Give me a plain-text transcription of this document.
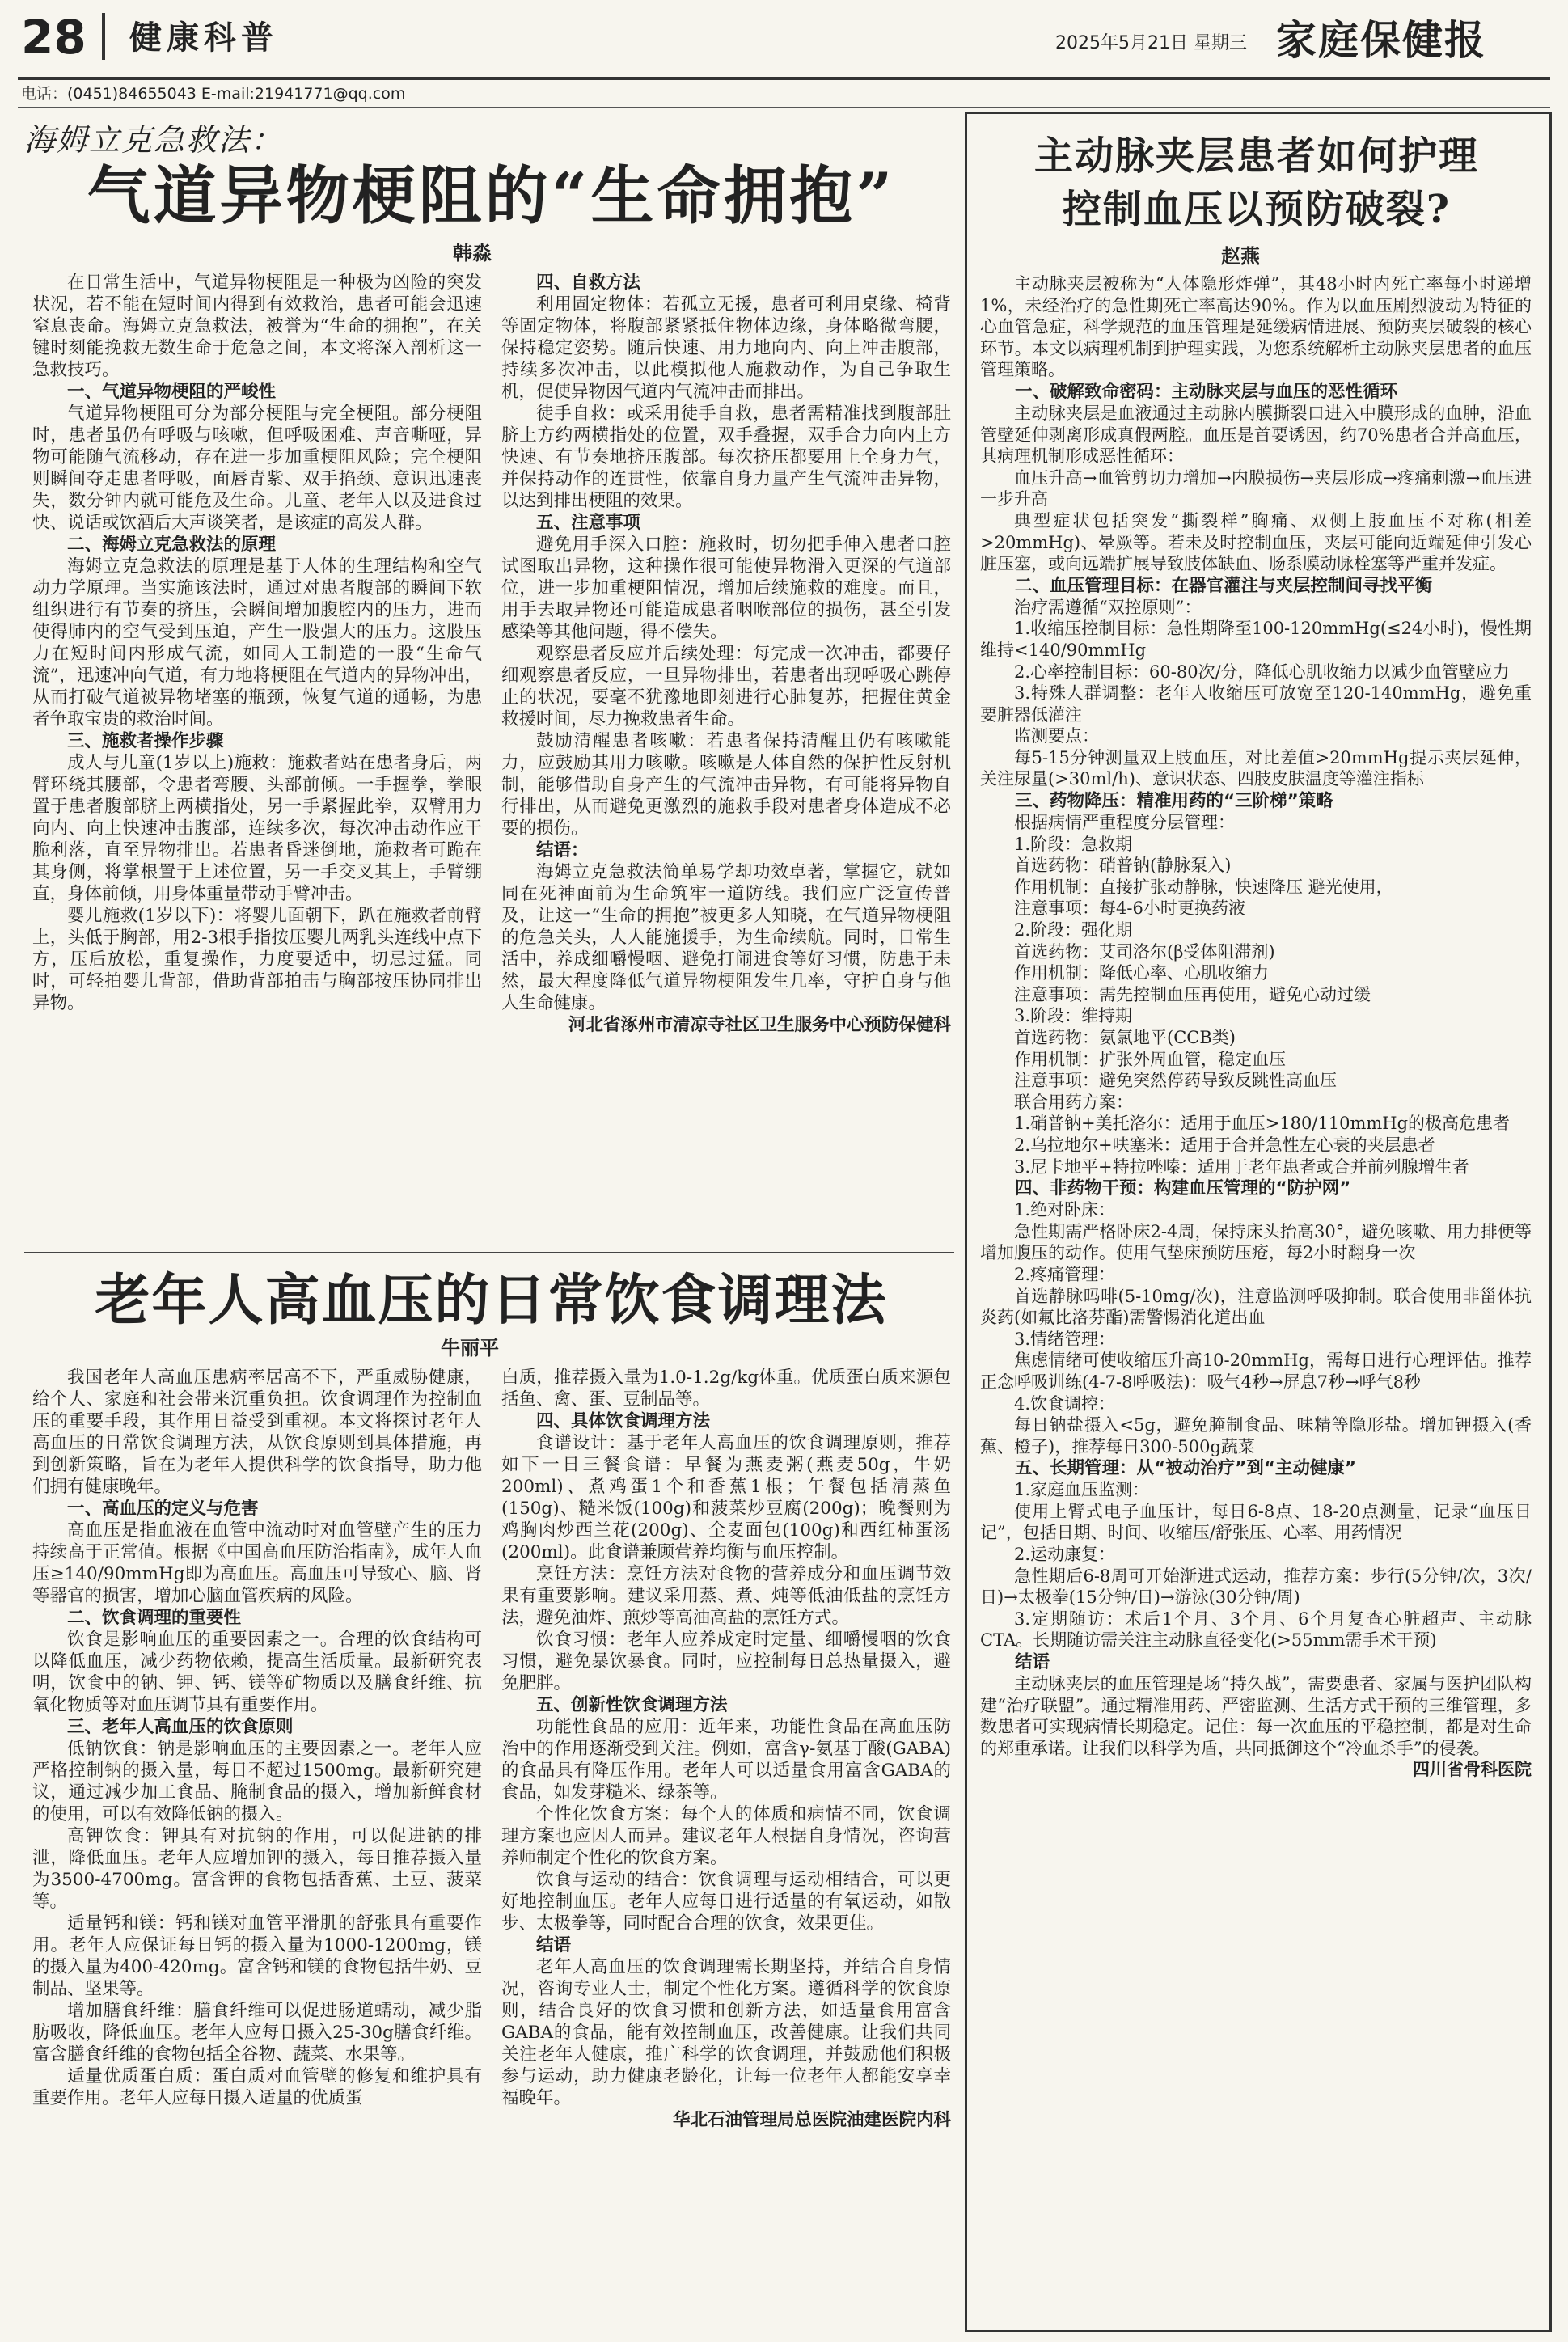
28 健康科普	2025年5月21日 星期三 家庭保健报
电话：(0451)84655043 E-mail:21941771@qq.com
海姆立克急救法：
气道异物梗阻的“生命拥抱”
韩淼

在日常生活中，气道异物梗阻是一种极为凶险的突发状况，若不能在短时间内得到有效救治，患者可能会迅速窒息丧命。海姆立克急救法，被誉为“生命的拥抱”，在关键时刻能挽救无数生命于危急之间，本文将深入剖析这一急救技巧。

一、气道异物梗阻的严峻性

气道异物梗阻可分为部分梗阻与完全梗阻。部分梗阻时，患者虽仍有呼吸与咳嗽，但呼吸困难、声音嘶哑，异物可能随气流移动，存在进一步加重梗阻风险；完全梗阻则瞬间夺走患者呼吸，面唇青紫、双手掐颈、意识迅速丧失，数分钟内就可能危及生命。儿童、老年人以及进食过快、说话或饮酒后大声谈笑者，是该症的高发人群。

二、海姆立克急救法的原理

海姆立克急救法的原理是基于人体的生理结构和空气动力学原理。当实施该法时，通过对患者腹部的瞬间下软组织进行有节奏的挤压，会瞬间增加腹腔内的压力，进而使得肺内的空气受到压迫，产生一股强大的压力。这股压力在短时间内形成气流，如同人工制造的一股“生命气流”，迅速冲向气道，有力地将梗阻在气道内的异物冲出，从而打破气道被异物堵塞的瓶颈，恢复气道的通畅，为患者争取宝贵的救治时间。

三、施救者操作步骤

成人与儿童(1岁以上)施救：施救者站在患者身后，两臂环绕其腰部，令患者弯腰、头部前倾。一手握拳，拳眼置于患者腹部脐上两横指处，另一手紧握此拳，双臂用力向内、向上快速冲击腹部，连续多次，每次冲击动作应干脆利落，直至异物排出。若患者昏迷倒地，施救者可跪在其身侧，将掌根置于上述位置，另一手交叉其上，手臂绷直，身体前倾，用身体重量带动手臂冲击。

婴儿施救(1岁以下)：将婴儿面朝下，趴在施救者前臂上，头低于胸部，用2-3根手指按压婴儿两乳头连线中点下方，压后放松，重复操作，力度要适中，切忌过猛。同时，可轻拍婴儿背部，借助背部拍击与胸部按压协同排出异物。

四、自救方法

利用固定物体：若孤立无援，患者可利用桌缘、椅背等固定物体，将腹部紧紧抵住物体边缘，身体略微弯腰，保持稳定姿势。随后快速、用力地向内、向上冲击腹部，持续多次冲击，以此模拟他人施救动作，为自己争取生机，促使异物因气道内气流冲击而排出。

徒手自救：或采用徒手自救，患者需精准找到腹部肚脐上方约两横指处的位置，双手叠握，双手合力向内上方快速、有节奏地挤压腹部。每次挤压都要用上全身力气，并保持动作的连贯性，依靠自身力量产生气流冲击异物，以达到排出梗阻的效果。

五、注意事项

避免用手深入口腔：施救时，切勿把手伸入患者口腔试图取出异物，这种操作很可能使异物滑入更深的气道部位，进一步加重梗阻情况，增加后续施救的难度。而且，用手去取异物还可能造成患者咽喉部位的损伤，甚至引发感染等其他问题，得不偿失。

观察患者反应并后续处理：每完成一次冲击，都要仔细观察患者反应，一旦异物排出，若患者出现呼吸心跳停止的状况，要毫不犹豫地即刻进行心肺复苏，把握住黄金救援时间，尽力挽救患者生命。

鼓励清醒患者咳嗽：若患者保持清醒且仍有咳嗽能力，应鼓励其用力咳嗽。咳嗽是人体自然的保护性反射机制，能够借助自身产生的气流冲击异物，有可能将异物自行排出，从而避免更激烈的施救手段对患者身体造成不必要的损伤。

结语：

海姆立克急救法简单易学却功效卓著，掌握它，就如同在死神面前为生命筑牢一道防线。我们应广泛宣传普及，让这一“生命的拥抱”被更多人知晓，在气道异物梗阻的危急关头，人人能施援手，为生命续航。同时，日常生活中，养成细嚼慢咽、避免打闹进食等好习惯，防患于未然，最大程度降低气道异物梗阻发生几率，守护自身与他人生命健康。

河北省涿州市清凉寺社区卫生服务中心预防保健科

老年人高血压的日常饮食调理法
牛丽平

我国老年人高血压患病率居高不下，严重威胁健康，给个人、家庭和社会带来沉重负担。饮食调理作为控制血压的重要手段，其作用日益受到重视。本文将探讨老年人高血压的日常饮食调理方法，从饮食原则到具体措施，再到创新策略，旨在为老年人提供科学的饮食指导，助力他们拥有健康晚年。

一、高血压的定义与危害

高血压是指血液在血管中流动时对血管壁产生的压力持续高于正常值。根据《中国高血压防治指南》，成年人血压≥140/90mmHg即为高血压。高血压可导致心、脑、肾等器官的损害，增加心脑血管疾病的风险。

二、饮食调理的重要性

饮食是影响血压的重要因素之一。合理的饮食结构可以降低血压，减少药物依赖，提高生活质量。最新研究表明，饮食中的钠、钾、钙、镁等矿物质以及膳食纤维、抗氧化物质等对血压调节具有重要作用。

三、老年人高血压的饮食原则

低钠饮食：钠是影响血压的主要因素之一。老年人应严格控制钠的摄入量，每日不超过1500mg。最新研究建议，通过减少加工食品、腌制食品的摄入，增加新鲜食材的使用，可以有效降低钠的摄入。

高钾饮食：钾具有对抗钠的作用，可以促进钠的排泄，降低血压。老年人应增加钾的摄入，每日推荐摄入量为3500-4700mg。富含钾的食物包括香蕉、土豆、菠菜等。

适量钙和镁：钙和镁对血管平滑肌的舒张具有重要作用。老年人应保证每日钙的摄入量为1000-1200mg，镁的摄入量为400-420mg。富含钙和镁的食物包括牛奶、豆制品、坚果等。

增加膳食纤维：膳食纤维可以促进肠道蠕动，减少脂肪吸收，降低血压。老年人应每日摄入25-30g膳食纤维。富含膳食纤维的食物包括全谷物、蔬菜、水果等。

适量优质蛋白质：蛋白质对血管壁的修复和维护具有重要作用。老年人应每日摄入适量的优质蛋

白质，推荐摄入量为1.0-1.2g/kg体重。优质蛋白质来源包括鱼、禽、蛋、豆制品等。

四、具体饮食调理方法

食谱设计：基于老年人高血压的饮食调理原则，推荐如下一日三餐食谱：早餐为燕麦粥(燕麦50g，牛奶200ml)、煮鸡蛋1个和香蕉1根；午餐包括清蒸鱼(150g)、糙米饭(100g)和菠菜炒豆腐(200g)；晚餐则为鸡胸肉炒西兰花(200g)、全麦面包(100g)和西红柿蛋汤(200ml)。此食谱兼顾营养均衡与血压控制。

烹饪方法：烹饪方法对食物的营养成分和血压调节效果有重要影响。建议采用蒸、煮、炖等低油低盐的烹饪方法，避免油炸、煎炒等高油高盐的烹饪方式。

饮食习惯：老年人应养成定时定量、细嚼慢咽的饮食习惯，避免暴饮暴食。同时，应控制每日总热量摄入，避免肥胖。

五、创新性饮食调理方法

功能性食品的应用：近年来，功能性食品在高血压防治中的作用逐渐受到关注。例如，富含γ-氨基丁酸(GABA)的食品具有降压作用。老年人可以适量食用富含GABA的食品，如发芽糙米、绿茶等。

个性化饮食方案：每个人的体质和病情不同，饮食调理方案也应因人而异。建议老年人根据自身情况，咨询营养师制定个性化的饮食方案。

饮食与运动的结合：饮食调理与运动相结合，可以更好地控制血压。老年人应每日进行适量的有氧运动，如散步、太极拳等，同时配合合理的饮食，效果更佳。

结语

老年人高血压的饮食调理需长期坚持，并结合自身情况，咨询专业人士，制定个性化方案。遵循科学的饮食原则，结合良好的饮食习惯和创新方法，如适量食用富含GABA的食品，能有效控制血压，改善健康。让我们共同关注老年人健康，推广科学的饮食调理，并鼓励他们积极参与运动，助力健康老龄化，让每一位老年人都能安享幸福晚年。

华北石油管理局总医院油建医院内科

主动脉夹层患者如何护理
控制血压以预防破裂?
赵燕

主动脉夹层被称为“人体隐形炸弹”，其48小时内死亡率每小时递增1%，未经治疗的急性期死亡率高达90%。作为以血压剧烈波动为特征的心血管急症，科学规范的血压管理是延缓病情进展、预防夹层破裂的核心环节。本文以病理机制到护理实践，为您系统解析主动脉夹层患者的血压管理策略。

一、破解致命密码：主动脉夹层与血压的恶性循环

主动脉夹层是血液通过主动脉内膜撕裂口进入中膜形成的血肿，沿血管壁延伸剥离形成真假两腔。血压是首要诱因，约70%患者合并高血压，其病理机制形成恶性循环：

血压升高→血管剪切力增加→内膜损伤→夹层形成→疼痛刺激→血压进一步升高

典型症状包括突发“撕裂样”胸痛、双侧上肢血压不对称(相差>20mmHg)、晕厥等。若未及时控制血压，夹层可能向近端延伸引发心脏压塞，或向远端扩展导致肢体缺血、肠系膜动脉栓塞等严重并发症。

二、血压管理目标：在器官灌注与夹层控制间寻找平衡

治疗需遵循“双控原则”：

1.收缩压控制目标：急性期降至100-120mmHg(≤24小时)，慢性期维持<140/90mmHg

2.心率控制目标：60-80次/分，降低心肌收缩力以减少血管壁应力

3.特殊人群调整：老年人收缩压可放宽至120-140mmHg，避免重要脏器低灌注

监测要点：

每5-15分钟测量双上肢血压，对比差值>20mmHg提示夹层延伸，关注尿量(>30ml/h)、意识状态、四肢皮肤温度等灌注指标

三、药物降压：精准用药的“三阶梯”策略

根据病情严重程度分层管理：

1.阶段：急救期

首选药物：硝普钠(静脉泵入)

作用机制：直接扩张动静脉，快速降压 避光使用，

注意事项：每4-6小时更换药液

2.阶段：强化期

首选药物：艾司洛尔(β受体阻滞剂)

作用机制：降低心率、心肌收缩力

注意事项：需先控制血压再使用，避免心动过缓

3.阶段：维持期

首选药物：氨氯地平(CCB类)

作用机制：扩张外周血管，稳定血压

注意事项：避免突然停药导致反跳性高血压

联合用药方案：

1.硝普钠+美托洛尔：适用于血压>180/110mmHg的极高危患者

2.乌拉地尔+呋塞米：适用于合并急性左心衰的夹层患者

3.尼卡地平+特拉唑嗪：适用于老年患者或合并前列腺增生者

四、非药物干预：构建血压管理的“防护网”

1.绝对卧床：

急性期需严格卧床2-4周，保持床头抬高30°，避免咳嗽、用力排便等增加腹压的动作。使用气垫床预防压疮，每2小时翻身一次

2.疼痛管理：

首选静脉吗啡(5-10mg/次)，注意监测呼吸抑制。联合使用非甾体抗炎药(如氟比洛芬酯)需警惕消化道出血

3.情绪管理：

焦虑情绪可使收缩压升高10-20mmHg，需每日进行心理评估。推荐正念呼吸训练(4-7-8呼吸法)：吸气4秒→屏息7秒→呼气8秒

4.饮食调控：

每日钠盐摄入<5g，避免腌制食品、味精等隐形盐。增加钾摄入(香蕉、橙子)，推荐每日300-500g蔬菜

五、长期管理：从“被动治疗”到“主动健康”

1.家庭血压监测：

使用上臂式电子血压计，每日6-8点、18-20点测量，记录“血压日记”，包括日期、时间、收缩压/舒张压、心率、用药情况

2.运动康复：

急性期后6-8周可开始渐进式运动，推荐方案：步行(5分钟/次，3次/日)→太极拳(15分钟/日)→游泳(30分钟/周)

3.定期随访：术后1个月、3个月、6个月复查心脏超声、主动脉CTA。长期随访需关注主动脉直径变化(>55mm需手术干预)

结语

主动脉夹层的血压管理是场“持久战”，需要患者、家属与医护团队构建“治疗联盟”。通过精准用药、严密监测、生活方式干预的三维管理，多数患者可实现病情长期稳定。记住：每一次血压的平稳控制，都是对生命的郑重承诺。让我们以科学为盾，共同抵御这个“冷血杀手”的侵袭。

四川省骨科医院
